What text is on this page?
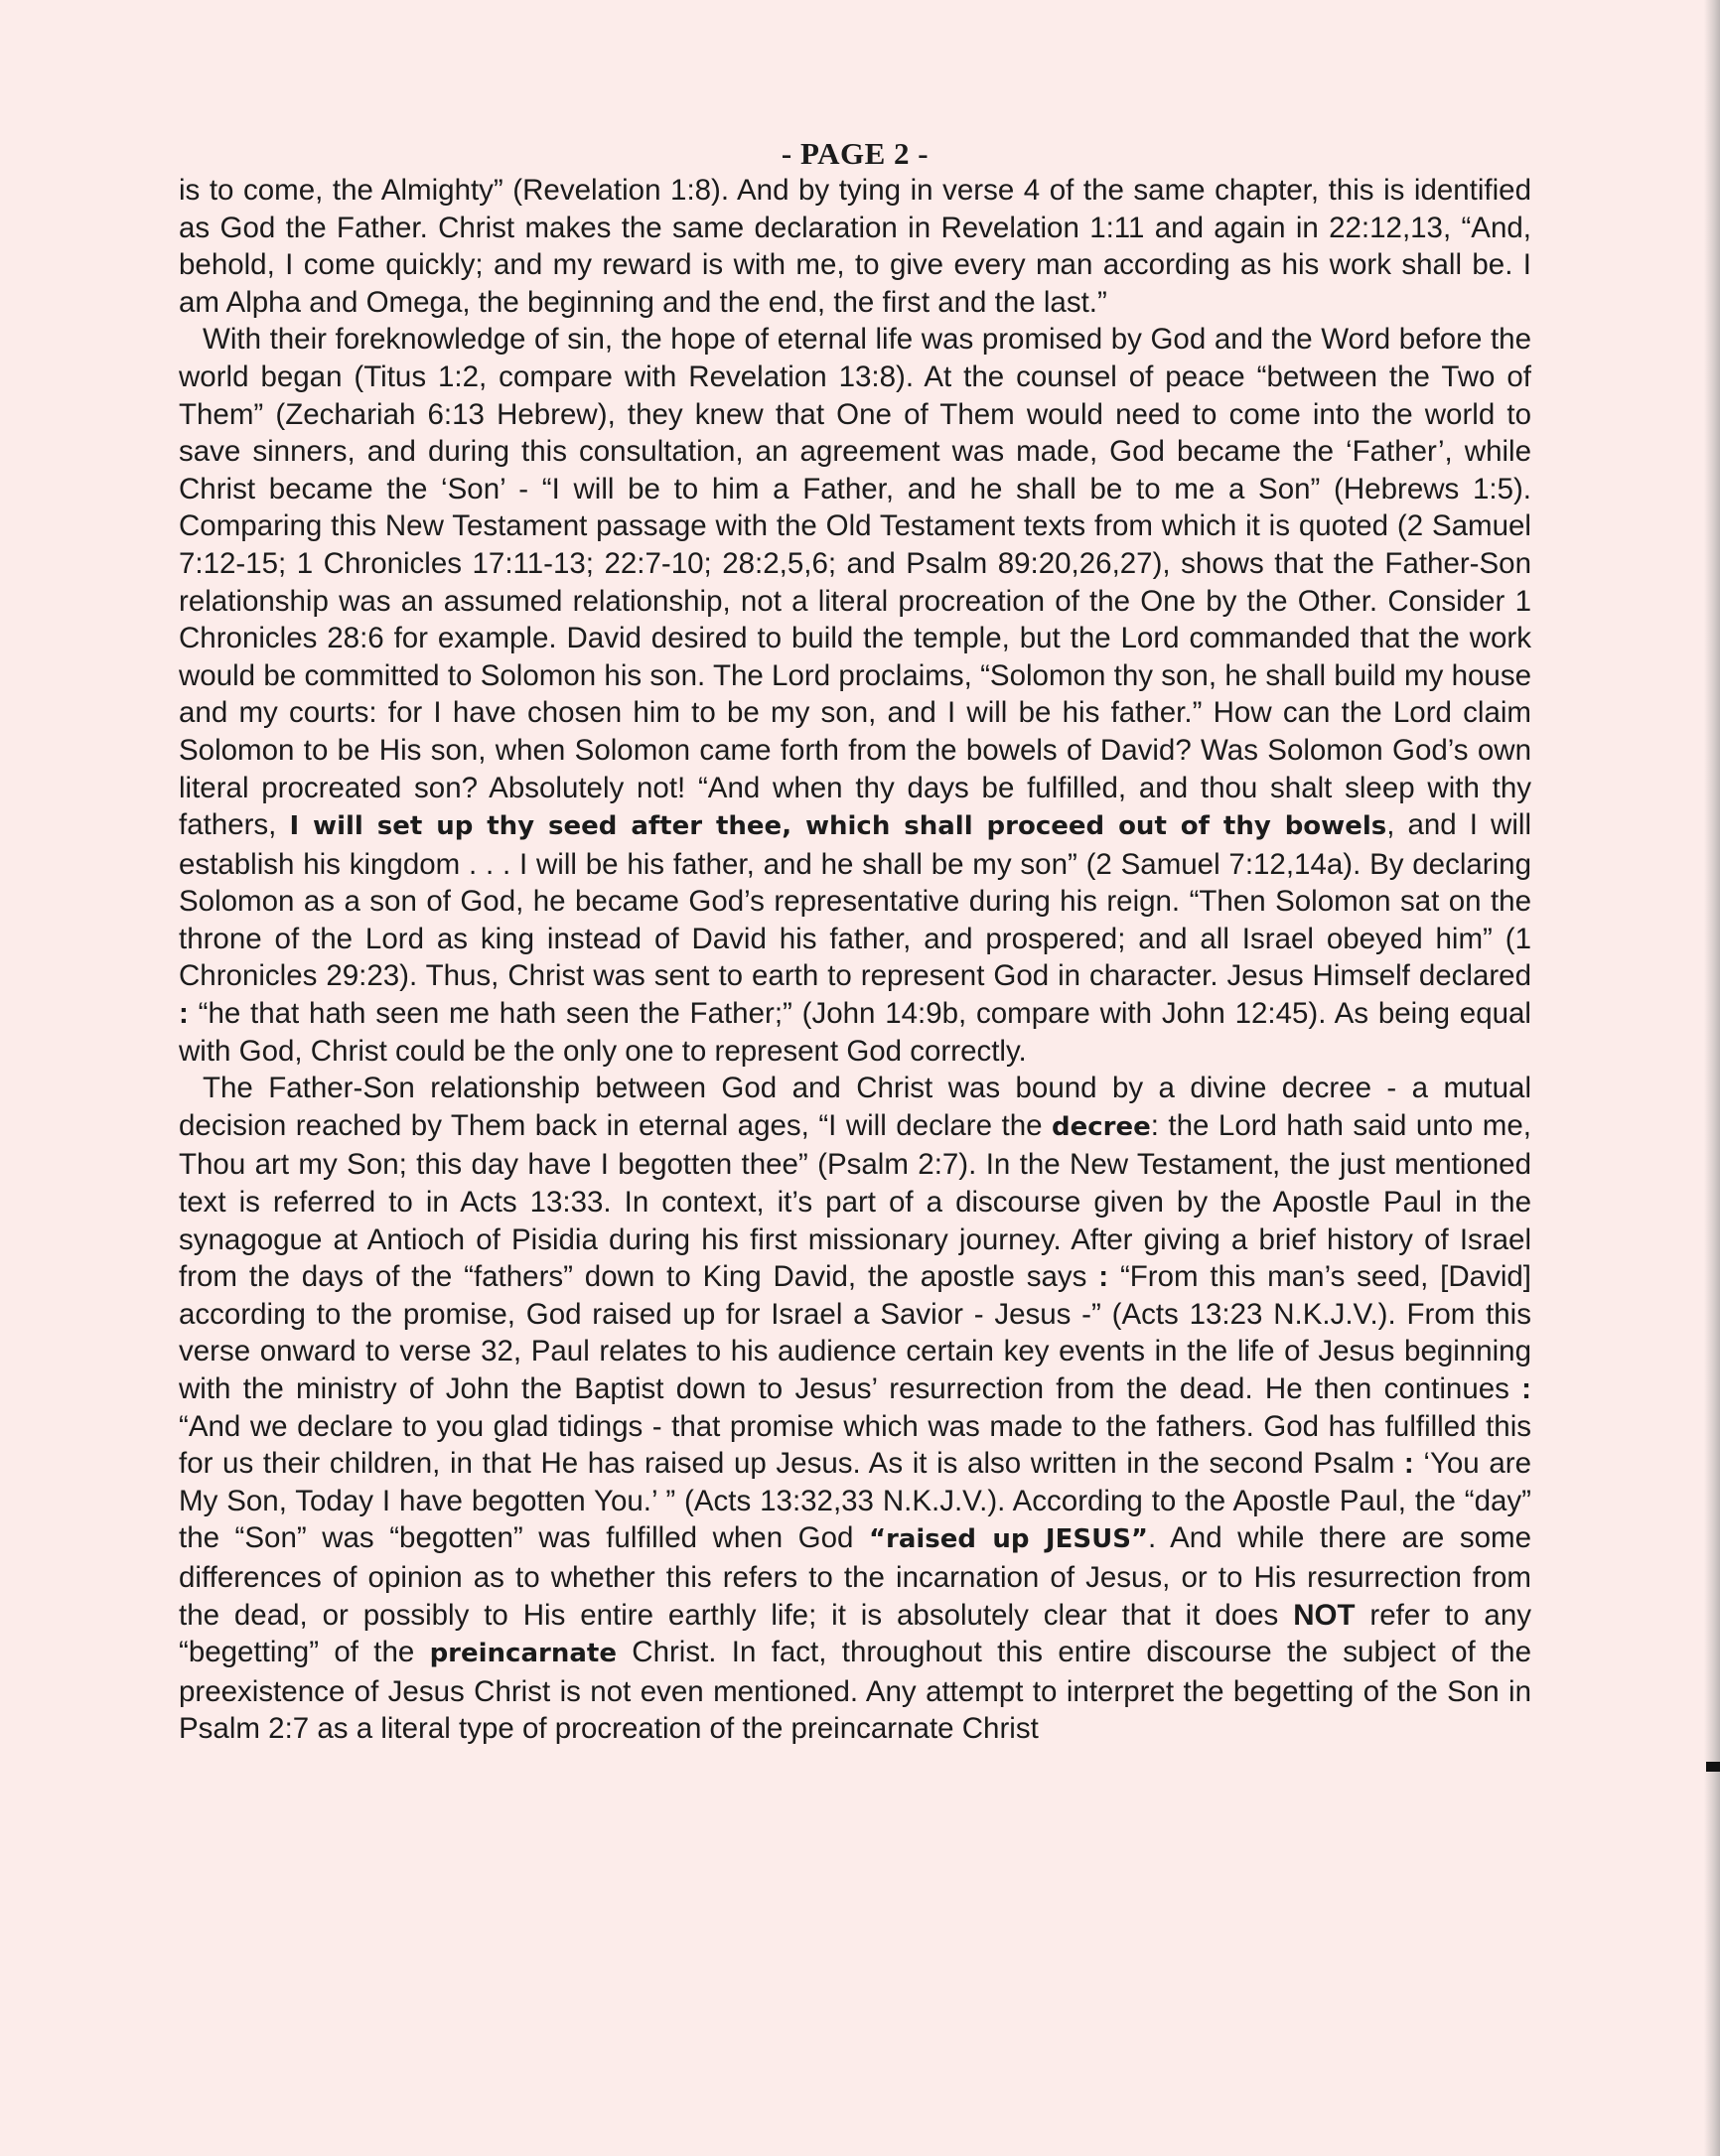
- PAGE 2 -

is to come, the Almighty” (Revelation 1:8). And by tying in verse 4 of the same chapter, this is identified as God the Father. Christ makes the same declaration in Revelation 1:11 and again in 22:12,13, “And, behold, I come quickly; and my reward is with me, to give every man according as his work shall be. I am Alpha and Omega, the beginning and the end, the first and the last.”

With their foreknowledge of sin, the hope of eternal life was promised by God and the Word before the world began (Titus 1:2, compare with Revelation 13:8). At the counsel of peace “between the Two of Them” (Zechariah 6:13 Hebrew), they knew that One of Them would need to come into the world to save sinners, and during this consultation, an agreement was made, God became the ‘Father’, while Christ became the ‘Son’ - “I will be to him a Father, and he shall be to me a Son” (Hebrews 1:5). Comparing this New Testament passage with the Old Testament texts from which it is quoted (2 Samuel 7:12-15; 1 Chronicles 17:11-13; 22:7-10; 28:2,5,6; and Psalm 89:20,26,27), shows that the Father-Son relationship was an assumed relationship, not a literal procreation of the One by the Other. Consider 1 Chronicles 28:6 for example. David desired to build the temple, but the Lord commanded that the work would be committed to Solomon his son. The Lord proclaims, “Solomon thy son, he shall build my house and my courts: for I have chosen him to be my son, and I will be his father.” How can the Lord claim Solomon to be His son, when Solomon came forth from the bowels of David? Was Solomon God’s own literal procreated son? Absolutely not! “And when thy days be fulfilled, and thou shalt sleep with thy fathers, I will set up thy seed after thee, which shall proceed out of thy bowels, and I will establish his kingdom . . . I will be his father, and he shall be my son” (2 Samuel 7:12,14a). By declaring Solomon as a son of God, he became God’s representative during his reign. “Then Solomon sat on the throne of the Lord as king instead of David his father, and prospered; and all Israel obeyed him” (1 Chronicles 29:23). Thus, Christ was sent to earth to represent God in character. Jesus Himself declared : “he that hath seen me hath seen the Father;” (John 14:9b, compare with John 12:45). As being equal with God, Christ could be the only one to represent God correctly.

The Father-Son relationship between God and Christ was bound by a divine decree - a mutual decision reached by Them back in eternal ages, “I will declare the decree: the Lord hath said unto me, Thou art my Son; this day have I begotten thee” (Psalm 2:7). In the New Testament, the just mentioned text is referred to in Acts 13:33. In context, it’s part of a discourse given by the Apostle Paul in the synagogue at Antioch of Pisidia during his first missionary journey. After giving a brief history of Israel from the days of the “fathers” down to King David, the apostle says : “From this man’s seed, [David] according to the promise, God raised up for Israel a Savior - Jesus -” (Acts 13:23 N.K.J.V.). From this verse onward to verse 32, Paul relates to his audience certain key events in the life of Jesus beginning with the ministry of John the Baptist down to Jesus’ resurrection from the dead. He then continues : “And we declare to you glad tidings - that promise which was made to the fathers. God has fulfilled this for us their children, in that He has raised up Jesus. As it is also written in the second Psalm : ‘You are My Son, Today I have begotten You.’ ” (Acts 13:32,33 N.K.J.V.). According to the Apostle Paul, the “day” the “Son” was “begotten” was fulfilled when God “raised up JESUS”. And while there are some differences of opinion as to whether this refers to the incarnation of Jesus, or to His resurrection from the dead, or possibly to His entire earthly life; it is absolutely clear that it does NOT refer to any “begetting” of the preincarnate Christ. In fact, throughout this entire discourse the subject of the preexistence of Jesus Christ is not even mentioned. Any attempt to interpret the begetting of the Son in Psalm 2:7 as a literal type of procreation of the preincarnate Christ
